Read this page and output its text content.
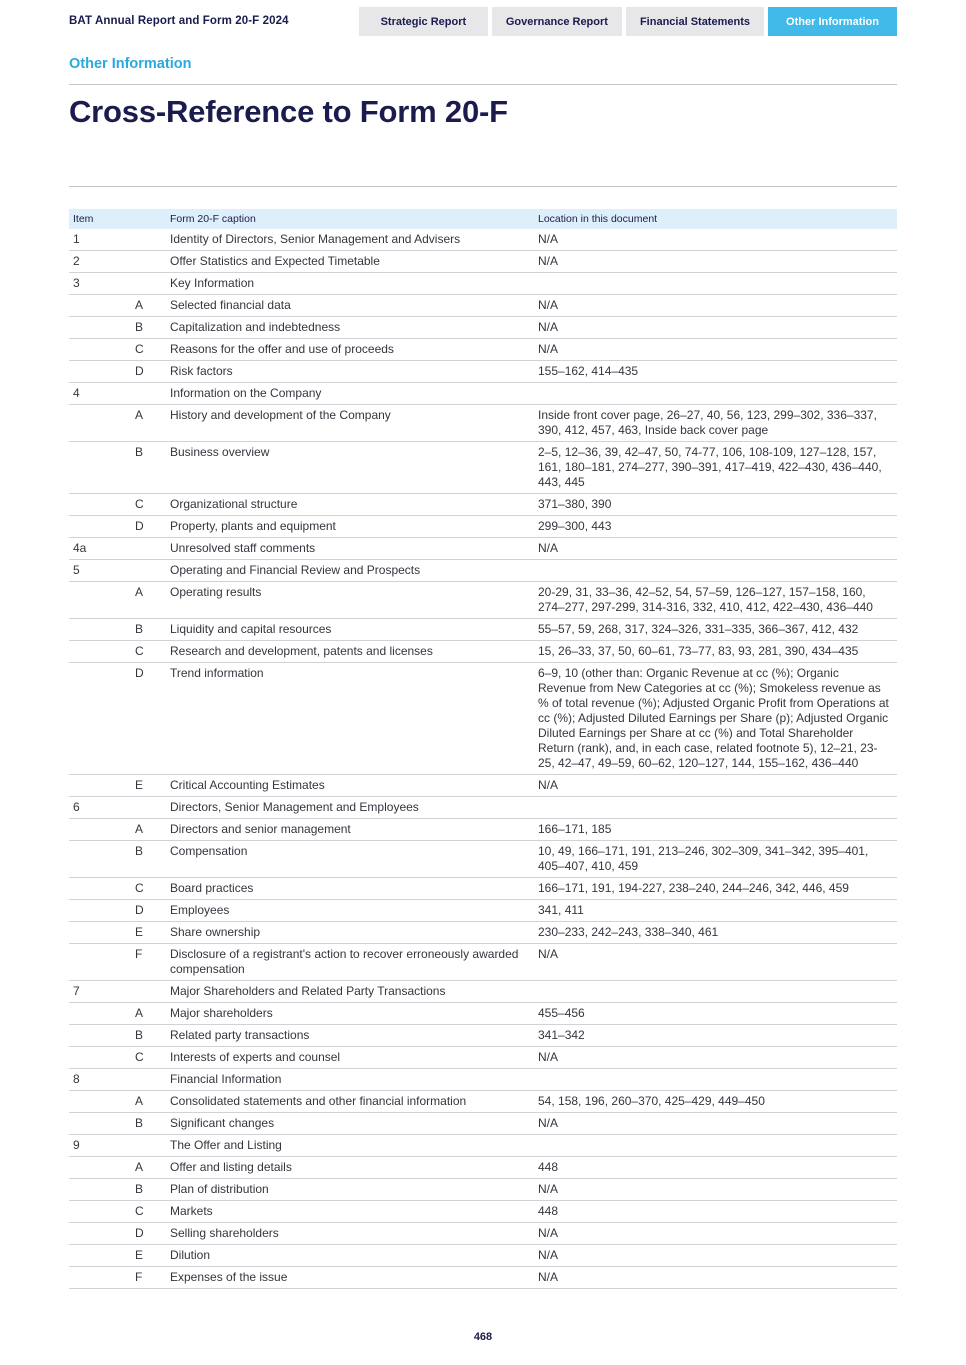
BAT Annual Report and Form 20-F 2024	Strategic Report	Governance Report	Financial Statements	Other Information
Other Information
Cross-Reference to Form 20-F
Item	Form 20-F caption	Location in this document

1	Identity of Directors, Senior Management and Advisers	N/A

2	Offer Statistics and Expected Timetable	N/A

3	Key Information	

A	Selected financial data	N/A

B	Capitalization and indebtedness	N/A

C	Reasons for the offer and use of proceeds	N/A

D	Risk factors	155–162, 414–435

4	Information on the Company	

A	History and development of the Company	Inside front cover page, 26–27, 40, 56, 123, 299–302, 336–337, 390, 412, 457, 463, Inside back cover page

B	Business overview	2–5, 12–36, 39, 42–47, 50, 74-77, 106, 108-109, 127–128, 157, 161, 180–181, 274–277, 390–391, 417–419, 422–430, 436–440, 443, 445

C	Organizational structure	371–380, 390

D	Property, plants and equipment	299–300, 443

4a	Unresolved staff comments	N/A

5	Operating and Financial Review and Prospects	

A	Operating results	20-29, 31, 33–36, 42–52, 54, 57–59, 126–127, 157–158, 160, 274–277, 297-299, 314-316, 332, 410, 412, 422–430, 436–440

B	Liquidity and capital resources	55–57, 59, 268, 317, 324–326, 331–335, 366–367, 412, 432

C	Research and development, patents and licenses	15, 26–33, 37, 50, 60–61, 73–77, 83, 93, 281, 390, 434–435

D	Trend information	6–9, 10 (other than: Organic Revenue at cc (%); Organic Revenue from New Categories at cc (%); Smokeless revenue as % of total revenue (%); Adjusted Organic Profit from Operations at cc (%); Adjusted Diluted Earnings per Share (p); Adjusted Organic Diluted Earnings per Share at cc (%) and Total Shareholder Return (rank), and, in each case, related footnote 5), 12–21, 23-25, 42–47, 49–59, 60–62, 120–127, 144, 155–162, 436–440

E	Critical Accounting Estimates	N/A

6	Directors, Senior Management and Employees	

A	Directors and senior management	166–171, 185

B	Compensation	10, 49, 166–171, 191, 213–246, 302–309, 341–342, 395–401, 405–407, 410, 459

C	Board practices	166–171, 191, 194-227, 238–240, 244–246, 342, 446, 459

D	Employees	341, 411

E	Share ownership	230–233, 242–243, 338–340, 461

F	Disclosure of a registrant's action to recover erroneously awarded compensation	N/A

7	Major Shareholders and Related Party Transactions	

A	Major shareholders	455–456

B	Related party transactions	341–342

C	Interests of experts and counsel	N/A

8	Financial Information	

A	Consolidated statements and other financial information	54, 158, 196, 260–370, 425–429, 449–450

B	Significant changes	N/A

9	The Offer and Listing	

A	Offer and listing details	448

B	Plan of distribution	N/A

C	Markets	448

D	Selling shareholders	N/A

E	Dilution	N/A

F	Expenses of the issue	N/A
468
